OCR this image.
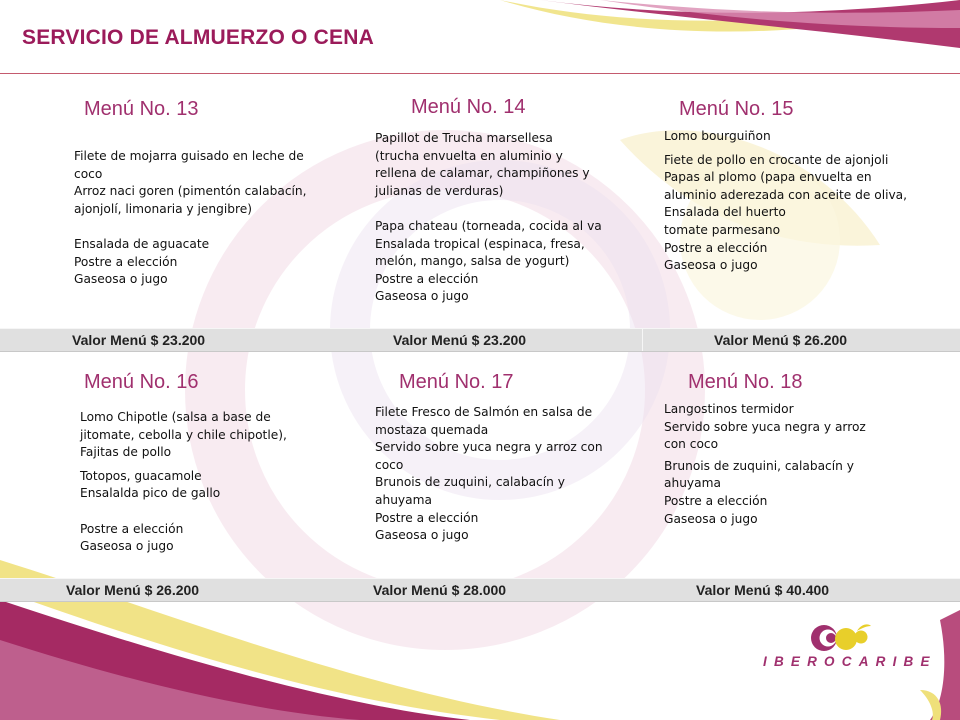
SERVICIO DE ALMUERZO O CENA
Menú No. 13
Filete de mojarra guisado en leche de
coco
Arroz naci goren (pimentón calabacín,
ajonjolí, limonaria y jengibre)

Ensalada de aguacate
Postre a elección
Gaseosa o jugo
Menú No. 14
Papillot de Trucha marsellesa
(trucha envuelta en aluminio y
rellena de calamar, champiñones y
julianas de verduras)

Papa chateau (torneada, cocida al va
Ensalada tropical (espinaca, fresa,
melón, mango, salsa de yogurt)
Postre a elección
Gaseosa o jugo
Menú No. 15
Lomo bourguiñon
Fiete de pollo en crocante de ajonjoli
Papas al plomo (papa envuelta en
aluminio aderezada con aceite de oliva,
Ensalada del huerto
tomate parmesano
Postre a elección
Gaseosa o jugo
Valor Menú $ 23.200	Valor Menú $ 23.200	Valor Menú $ 26.200
Menú No. 16
Lomo Chipotle (salsa a base de
jitomate, cebolla y chile chipotle),
Fajitas de pollo
Totopos, guacamole
Ensalalda pico de gallo

Postre a elección
Gaseosa o jugo
Menú No. 17
Filete Fresco de Salmón en salsa de
mostaza quemada
Servido sobre yuca negra y arroz con
coco
Brunois de zuquini, calabacín y
ahuyama
Postre a elección
Gaseosa o jugo
Menú No. 18
Langostinos termidor
Servido sobre yuca negra y arroz
con coco
Brunois de zuquini, calabacín y
ahuyama
Postre a elección
Gaseosa o jugo
Valor Menú $ 26.200	Valor Menú $ 28.000	Valor Menú $ 40.400
IBEROCARIBE
